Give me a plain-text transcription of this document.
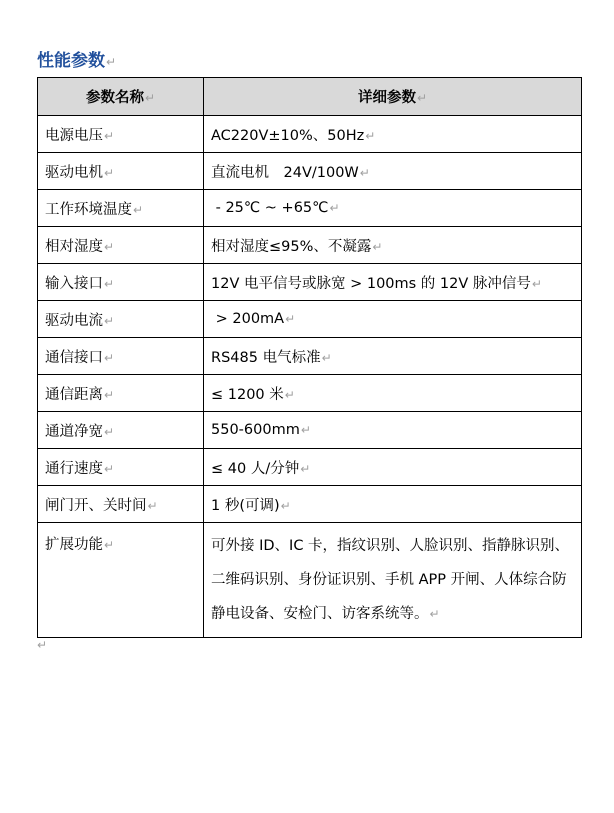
性能参数↵
参数名称↵	详细参数↵
电源电压↵	AC220V±10%、50Hz↵
驱动电机↵	直流电机　24V/100W↵
工作环境温度↵	- 25℃ ~ +65℃↵
相对湿度↵	相对湿度≤95%、不凝露↵
输入接口↵	12V 电平信号或脉宽 > 100ms 的 12V 脉冲信号↵
驱动电流↵	> 200mA↵
通信接口↵	RS485 电气标准↵
通信距离↵	≤ 1200 米↵
通道净宽↵	550-600mm↵
通行速度↵	≤ 40 人/分钟↵
闸门开、关时间↵	1 秒(可调)↵
扩展功能↵	可外接 ID、IC 卡，指纹识别、人脸识别、指静脉识别、二维码识别、身份证识别、手机 APP 开闸、人体综合防静电设备、安检门、访客系统等。↵
↵
